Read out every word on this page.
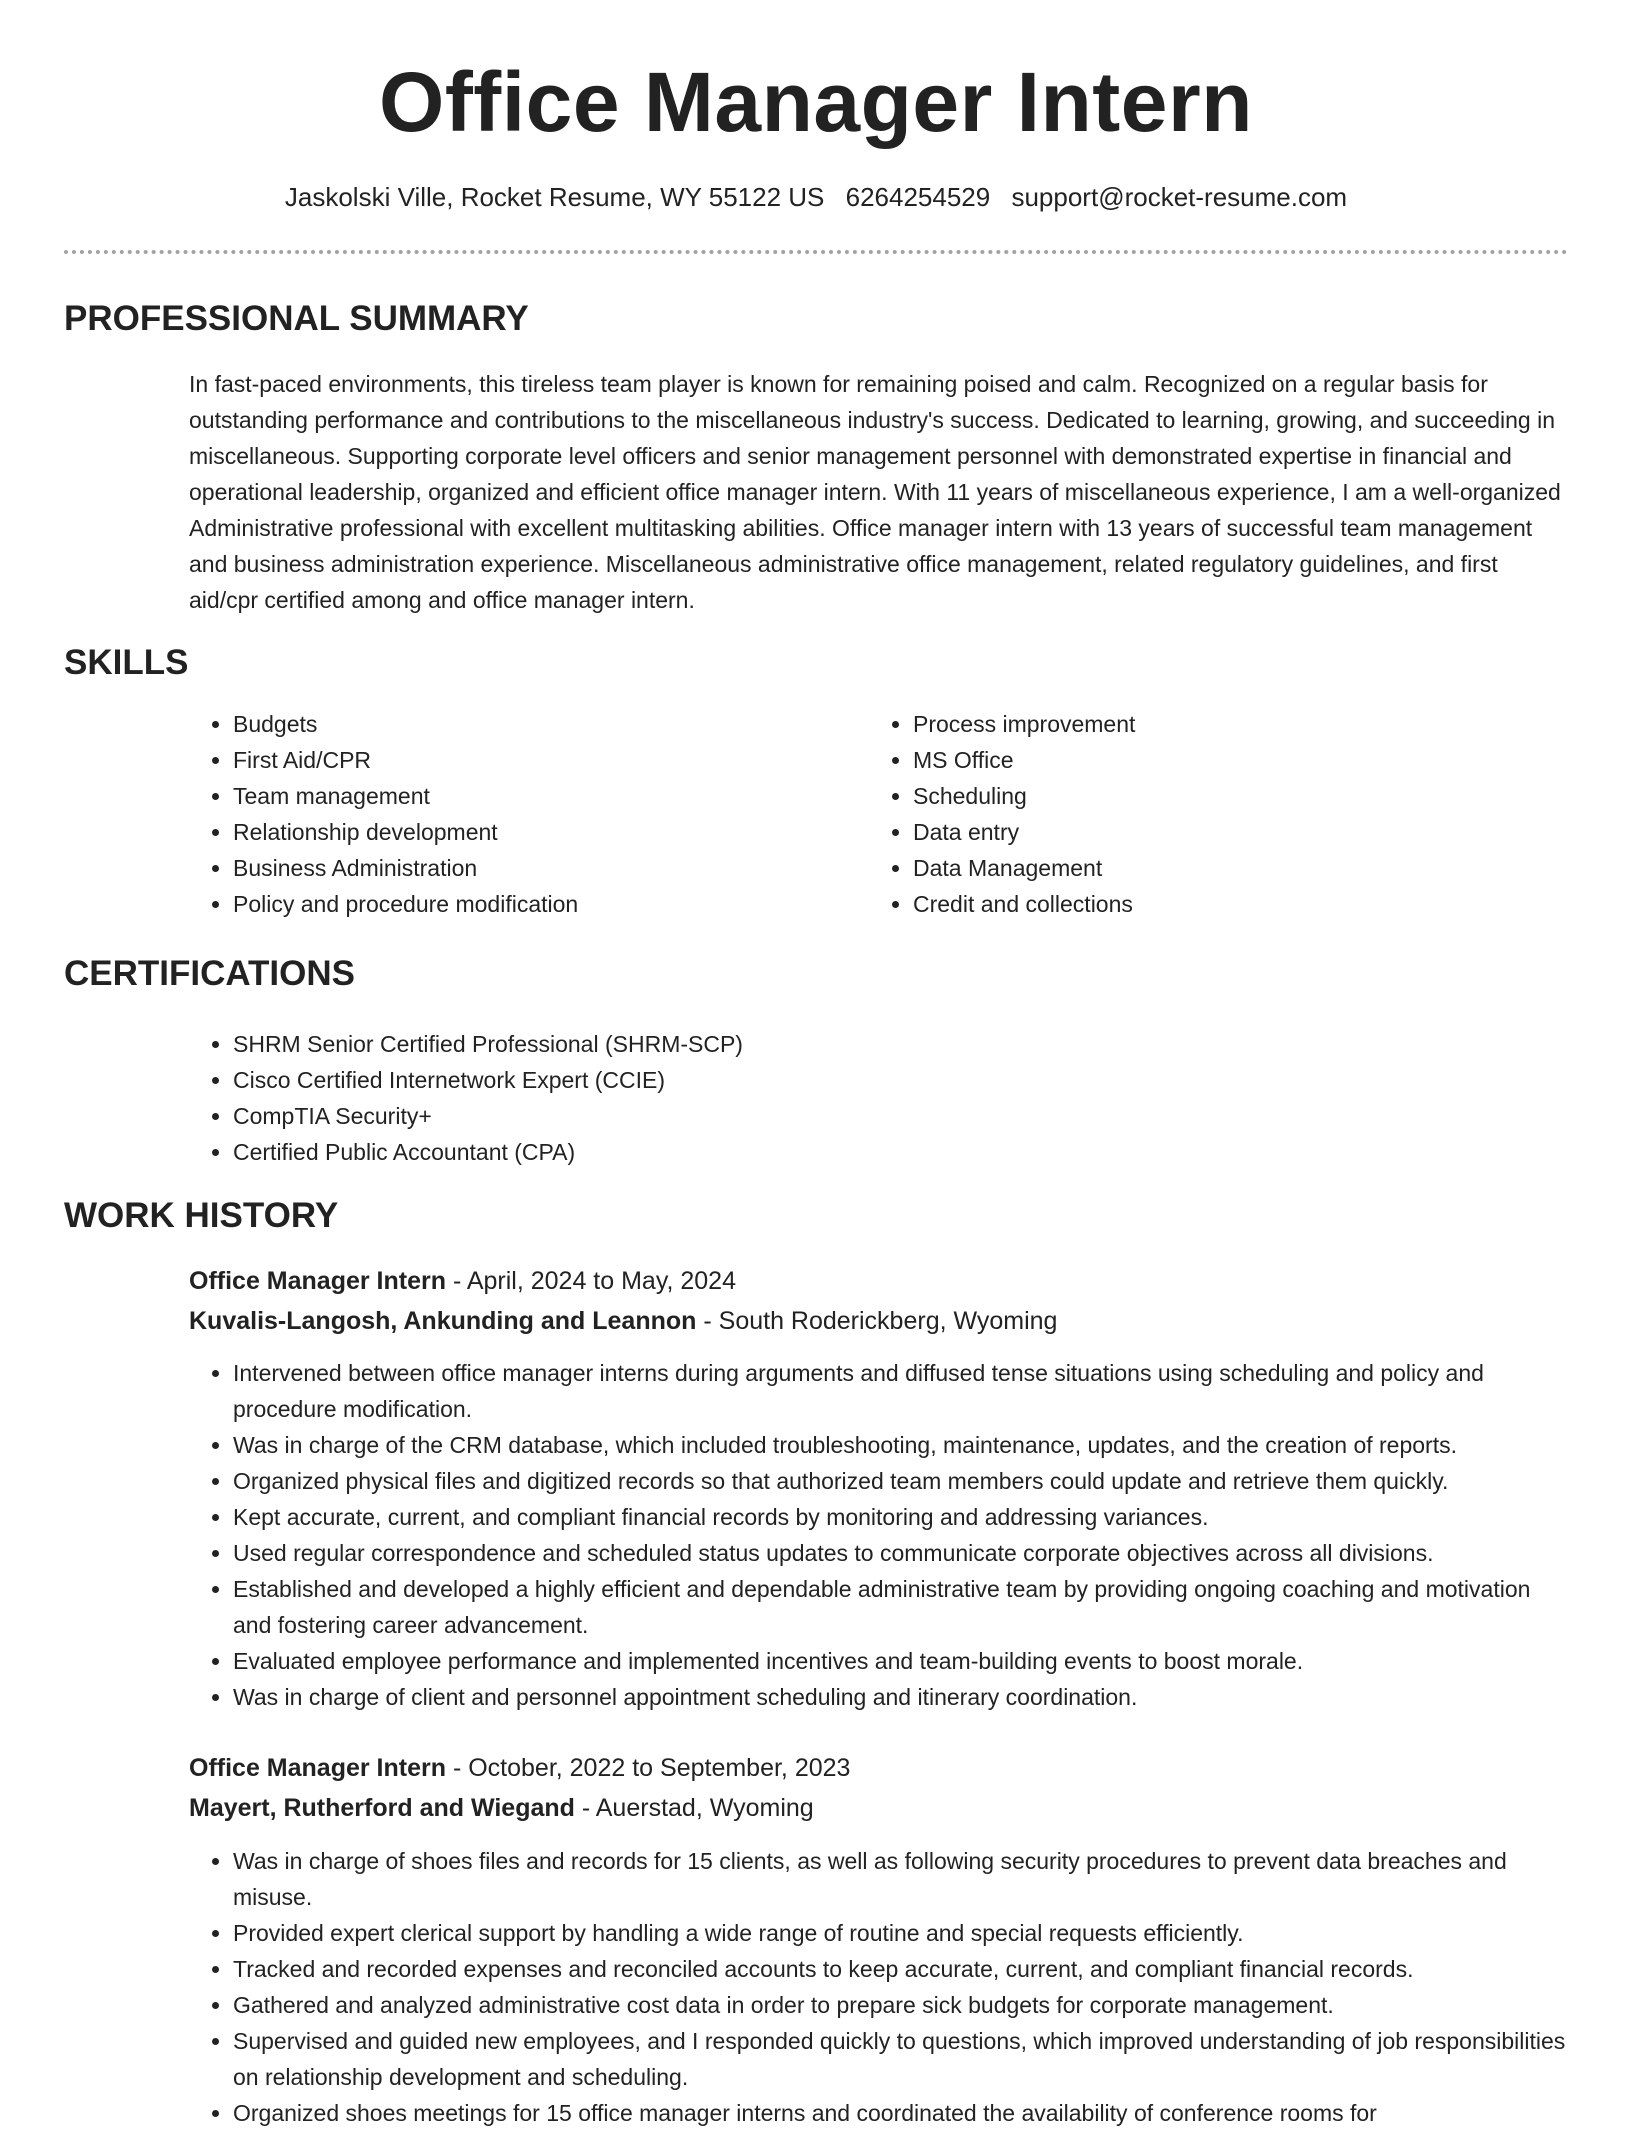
Office Manager Intern
Jaskolski Ville, Rocket Resume, WY 55122 US 6264254529 support@rocket-resume.com
PROFESSIONAL SUMMARY

In fast-paced environments, this tireless team player is known for remaining poised and calm. Recognized on a regular basis for outstanding performance and contributions to the miscellaneous industry's success. Dedicated to learning, growing, and succeeding in miscellaneous. Supporting corporate level officers and senior management personnel with demonstrated expertise in financial and operational leadership, organized and efficient office manager intern. With 11 years of miscellaneous experience, I am a well-organized Administrative professional with excellent multitasking abilities. Office manager intern with 13 years of successful team management and business administration experience. Miscellaneous administrative office management, related regulatory guidelines, and first aid/cpr certified among and office manager intern.

SKILLS
• Budgets
• First Aid/CPR
• Team management
• Relationship development
• Business Administration
• Policy and procedure modification
• Process improvement
• MS Office
• Scheduling
• Data entry
• Data Management
• Credit and collections
CERTIFICATIONS
• SHRM Senior Certified Professional (SHRM-SCP)
• Cisco Certified Internetwork Expert (CCIE)
• CompTIA Security+
• Certified Public Accountant (CPA)
WORK HISTORY
Office Manager Intern - April, 2024 to May, 2024
Kuvalis-Langosh, Ankunding and Leannon - South Roderickberg, Wyoming
• Intervened between office manager interns during arguments and diffused tense situations using scheduling and policy and procedure modification.
• Was in charge of the CRM database, which included troubleshooting, maintenance, updates, and the creation of reports.
• Organized physical files and digitized records so that authorized team members could update and retrieve them quickly.
• Kept accurate, current, and compliant financial records by monitoring and addressing variances.
• Used regular correspondence and scheduled status updates to communicate corporate objectives across all divisions.
• Established and developed a highly efficient and dependable administrative team by providing ongoing coaching and motivation and fostering career advancement.
• Evaluated employee performance and implemented incentives and team-building events to boost morale.
• Was in charge of client and personnel appointment scheduling and itinerary coordination.
Office Manager Intern - October, 2022 to September, 2023
Mayert, Rutherford and Wiegand - Auerstad, Wyoming
• Was in charge of shoes files and records for 15 clients, as well as following security procedures to prevent data breaches and misuse.
• Provided expert clerical support by handling a wide range of routine and special requests efficiently.
• Tracked and recorded expenses and reconciled accounts to keep accurate, current, and compliant financial records.
• Gathered and analyzed administrative cost data in order to prepare sick budgets for corporate management.
• Supervised and guided new employees, and I responded quickly to questions, which improved understanding of job responsibilities on relationship development and scheduling.
• Organized shoes meetings for 15 office manager interns and coordinated the availability of conference rooms for
